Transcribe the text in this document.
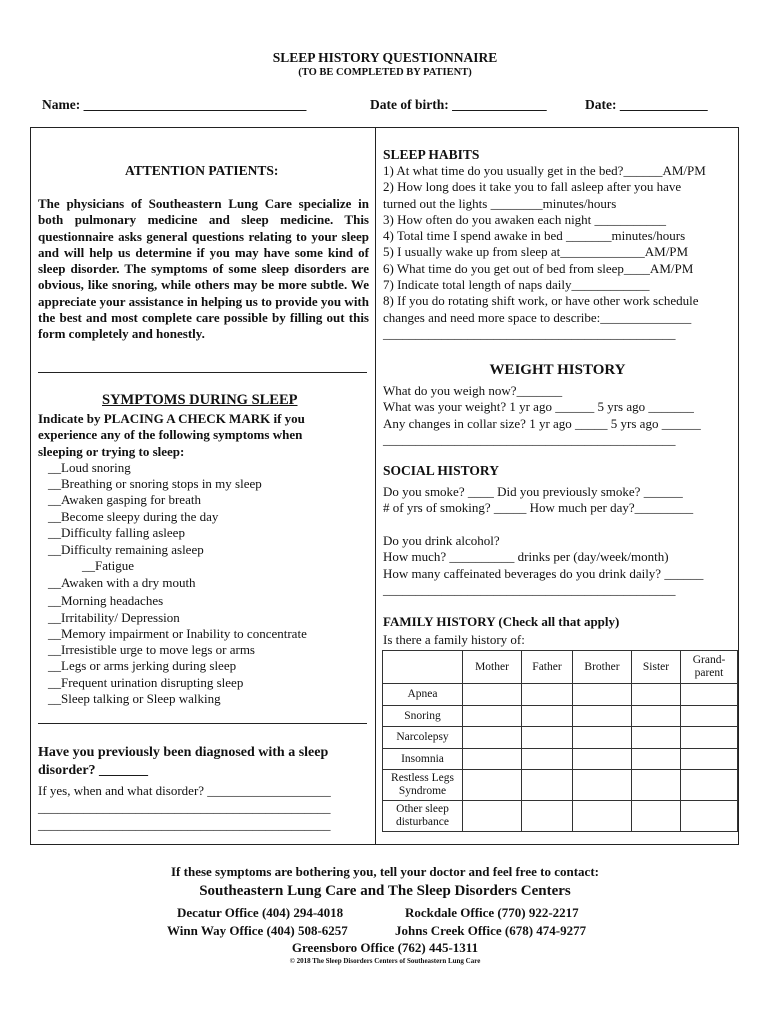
SLEEP HISTORY QUESTIONNAIRE
(TO BE COMPLETED BY PATIENT)
Name: _________________________________	Date of birth: ______________	Date: _____________
ATTENTION PATIENTS:
The physicians of Southeastern Lung Care specialize in both pulmonary medicine and sleep medicine. This questionnaire asks general questions relating to your sleep and will help us determine if you may have some kind of sleep disorder. The symptoms of some sleep disorders are obvious, like snoring, while others may be more subtle. We appreciate your assistance in helping us to provide you with the best and most complete care possible by filling out this form completely and honestly.
SYMPTOMS DURING SLEEP
Indicate by PLACING A CHECK MARK if you
experience any of the following symptoms when
sleeping or trying to sleep:
__Loud snoring
__Breathing or snoring stops in my sleep
__Awaken gasping for breath
__Become sleepy during the day
__Difficulty falling asleep
__Difficulty remaining asleep
__Fatigue
__Awaken with a dry mouth
__Morning headaches
__Irritability/ Depression
__Memory impairment or Inability to concentrate
__Irresistible urge to move legs or arms
__Legs or arms jerking during sleep
__Frequent urination disrupting sleep
__Sleep talking or Sleep walking
Have you previously been diagnosed with a sleep
disorder? _______
If yes, when and what disorder? ___________________
_____________________________________________
_____________________________________________
SLEEP HABITS
1) At what time do you usually get in the bed?______AM/PM
2) How long does it take you to fall asleep after you have
turned out the lights ________minutes/hours
3) How often do you awaken each night ___________
4) Total time I spend awake in bed _______minutes/hours
5) I usually wake up from sleep at_____________AM/PM
6) What time do you get out of bed from sleep____AM/PM
7) Indicate total length of naps daily____________
8) If you do rotating shift work, or have other work schedule
changes and need more space to describe:______________
_____________________________________________
WEIGHT HISTORY
What do you weigh now?_______
What was your weight? 1 yr ago ______ 5 yrs ago _______
Any changes in collar size? 1 yr ago _____ 5 yrs ago ______
_____________________________________________
SOCIAL HISTORY
Do you smoke? ____ Did you previously smoke? ______
# of yrs of smoking? _____ How much per day?_________
Do you drink alcohol?
How much? __________ drinks per (day/week/month)
How many caffeinated beverages do you drink daily? ______
_____________________________________________
FAMILY HISTORY (Check all that apply)
Is there a family history of:
	Mother	Father	Brother	Sister	Grand-
parent

Apnea					
Snoring					
Narcolepsy					
Insomnia					

Restless Legs
Syndrome					

Other sleep
disturbance					

If these symptoms are bothering you, tell your doctor and feel free to contact:
Southeastern Lung Care and The Sleep Disorders Centers
Decatur Office (404) 294-4018	Rockdale Office (770) 922-2217
Winn Way Office (404) 508-6257	Johns Creek Office (678) 474-9277
Greensboro Office (762) 445-1311
© 2018 The Sleep Disorders Centers of Southeastern Lung Care
